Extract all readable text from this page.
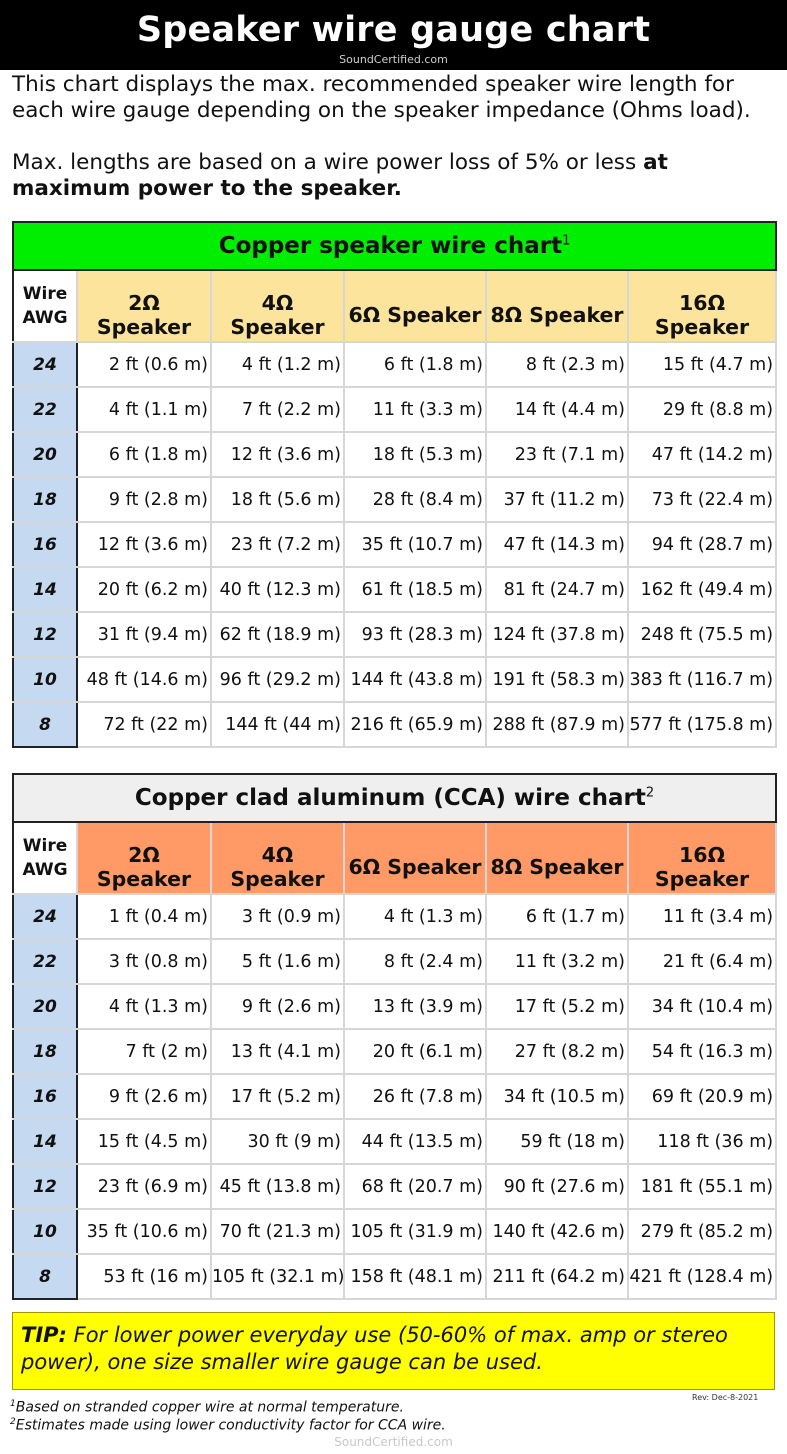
Speaker wire gauge chart
SoundCertified.com

This chart displays the max. recommended speaker wire length for each wire gauge depending on the speaker impedance (Ohms load).

Max. lengths are based on a wire power loss of 5% or less at maximum power to the speaker.

Copper speaker wire chart$^1$
Wire
AWG	2Ω Speaker	4Ω Speaker	6Ω Speaker	8Ω Speaker	16Ω Speaker
24	2 ft (0.6 m)	4 ft (1.2 m)	6 ft (1.8 m)	8 ft (2.3 m)	15 ft (4.7 m)
22	4 ft (1.1 m)	7 ft (2.2 m)	11 ft (3.3 m)	14 ft (4.4 m)	29 ft (8.8 m)
20	6 ft (1.8 m)	12 ft (3.6 m)	18 ft (5.3 m)	23 ft (7.1 m)	47 ft (14.2 m)
18	9 ft (2.8 m)	18 ft (5.6 m)	28 ft (8.4 m)	37 ft (11.2 m)	73 ft (22.4 m)
16	12 ft (3.6 m)	23 ft (7.2 m)	35 ft (10.7 m)	47 ft (14.3 m)	94 ft (28.7 m)
14	20 ft (6.2 m)	40 ft (12.3 m)	61 ft (18.5 m)	81 ft (24.7 m)	162 ft (49.4 m)
12	31 ft (9.4 m)	62 ft (18.9 m)	93 ft (28.3 m)	124 ft (37.8 m)	248 ft (75.5 m)
10	48 ft (14.6 m)	96 ft (29.2 m)	144 ft (43.8 m)	191 ft (58.3 m)	383 ft (116.7 m)
8	72 ft (22 m)	144 ft (44 m)	216 ft (65.9 m)	288 ft (87.9 m)	577 ft (175.8 m)
Copper clad aluminum (CCA) wire chart$^2$
Wire
AWG	2Ω Speaker	4Ω Speaker	6Ω Speaker	8Ω Speaker	16Ω Speaker
24	1 ft (0.4 m)	3 ft (0.9 m)	4 ft (1.3 m)	6 ft (1.7 m)	11 ft (3.4 m)
22	3 ft (0.8 m)	5 ft (1.6 m)	8 ft (2.4 m)	11 ft (3.2 m)	21 ft (6.4 m)
20	4 ft (1.3 m)	9 ft (2.6 m)	13 ft (3.9 m)	17 ft (5.2 m)	34 ft (10.4 m)
18	7 ft (2 m)	13 ft (4.1 m)	20 ft (6.1 m)	27 ft (8.2 m)	54 ft (16.3 m)
16	9 ft (2.6 m)	17 ft (5.2 m)	26 ft (7.8 m)	34 ft (10.5 m)	69 ft (20.9 m)
14	15 ft (4.5 m)	30 ft (9 m)	44 ft (13.5 m)	59 ft (18 m)	118 ft (36 m)
12	23 ft (6.9 m)	45 ft (13.8 m)	68 ft (20.7 m)	90 ft (27.6 m)	181 ft (55.1 m)
10	35 ft (10.6 m)	70 ft (21.3 m)	105 ft (31.9 m)	140 ft (42.6 m)	279 ft (85.2 m)
8	53 ft (16 m)	105 ft (32.1 m)	158 ft (48.1 m)	211 ft (64.2 m)	421 ft (128.4 m)
TIP: For lower power everyday use (50-60% of max. amp or stereo power), one size smaller wire gauge can be used.
Rev: Dec-8-2021
$^1$Based on stranded copper wire at normal temperature.
$^2$Estimates made using lower conductivity factor for CCA wire.
SoundCertified.com
